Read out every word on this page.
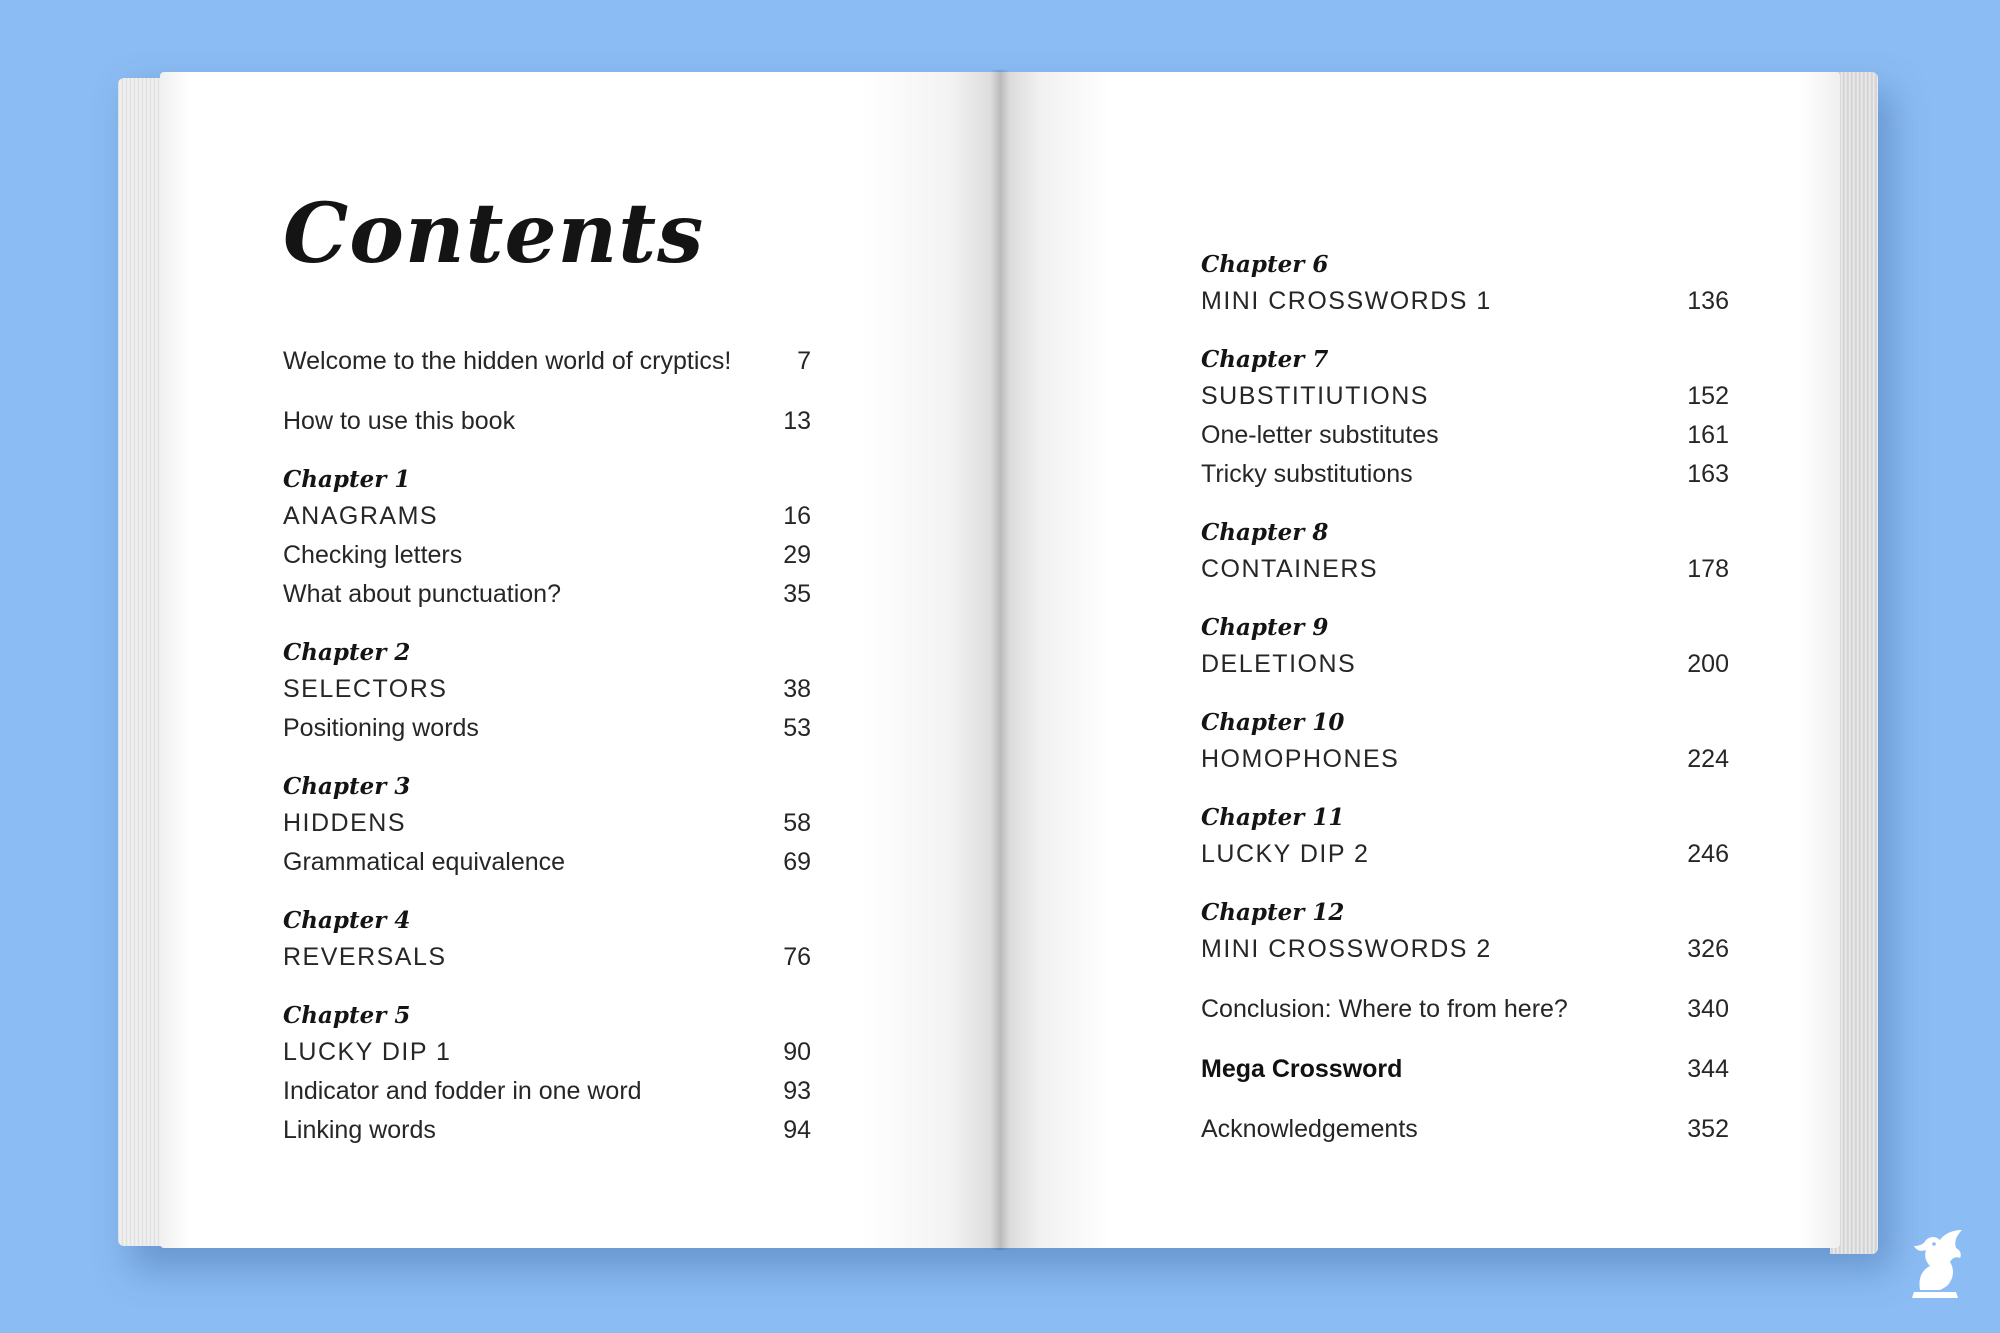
Contents
Welcome to the hidden world of cryptics!	7
How to use this book	13
Chapter 1
ANAGRAMS	16
Checking letters	29
What about punctuation?	35
Chapter 2
SELECTORS	38
Positioning words	53
Chapter 3
HIDDENS	58
Grammatical equivalence	69
Chapter 4
REVERSALS	76
Chapter 5
LUCKY DIP 1	90
Indicator and fodder in one word	93
Linking words	94
Chapter 6
MINI CROSSWORDS 1	136
Chapter 7
SUBSTITIUTIONS	152
One-letter substitutes	161
Tricky substitutions	163
Chapter 8
CONTAINERS	178
Chapter 9
DELETIONS	200
Chapter 10
HOMOPHONES	224
Chapter 11
LUCKY DIP 2	246
Chapter 12
MINI CROSSWORDS 2	326
Conclusion: Where to from here?	340
Mega Crossword	344
Acknowledgements	352
